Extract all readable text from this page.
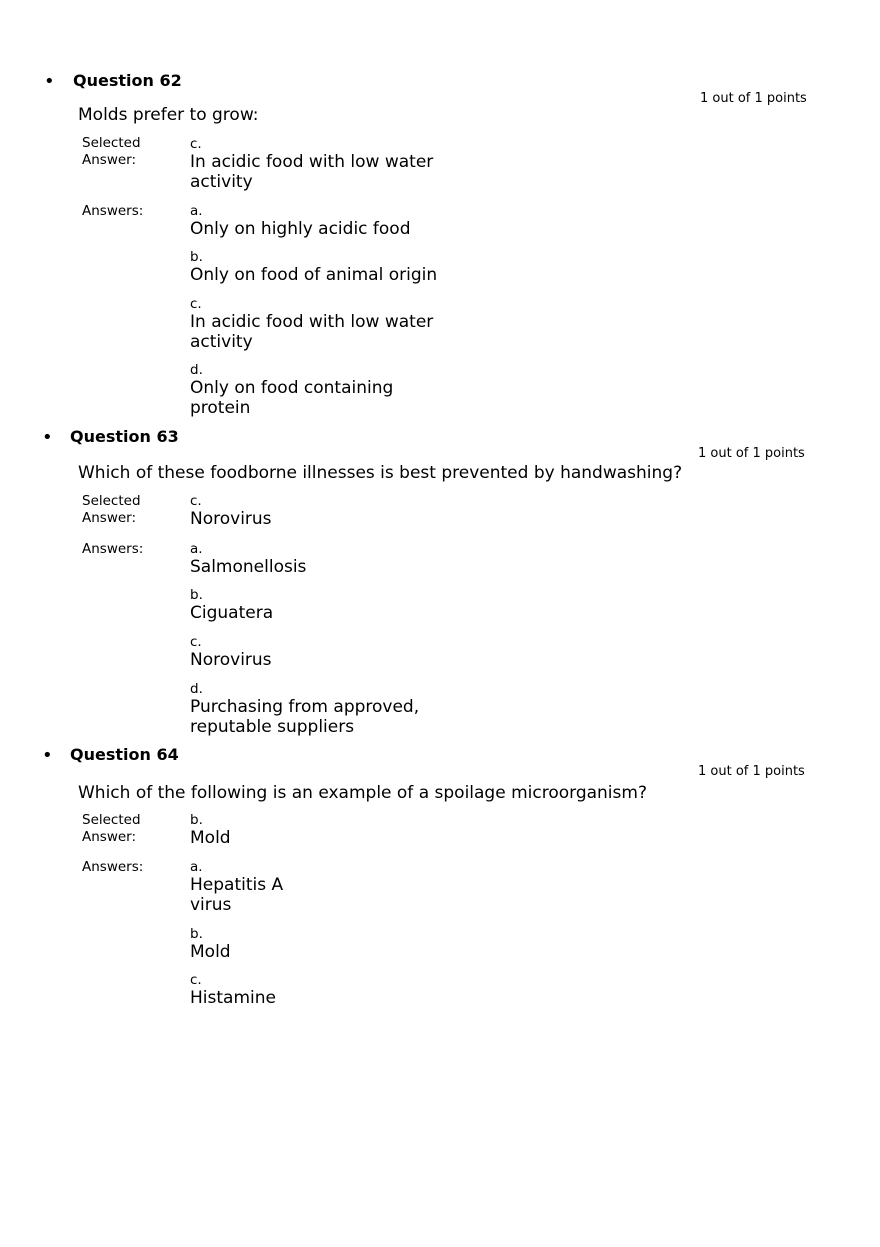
• Question 62
1 out of 1 points
Molds prefer to grow:
Selected Answer:
c.
In acidic food with low water activity
Answers:	a.
Only on highly acidic food
b.
Only on food of animal origin
c.
In acidic food with low water activity
d.
Only on food containing protein
• Question 63
1 out of 1 points
Which of these foodborne illnesses is best prevented by handwashing?
Selected Answer:
c.
Norovirus
Answers:	a.
Salmonellosis
b.
Ciguatera
c.
Norovirus
d.
Purchasing from approved, reputable suppliers
• Question 64
1 out of 1 points
Which of the following is an example of a spoilage microorganism?
Selected Answer:
b.
Mold
Answers:	a.
Hepatitis A virus
b.
Mold
c.
Histamine
